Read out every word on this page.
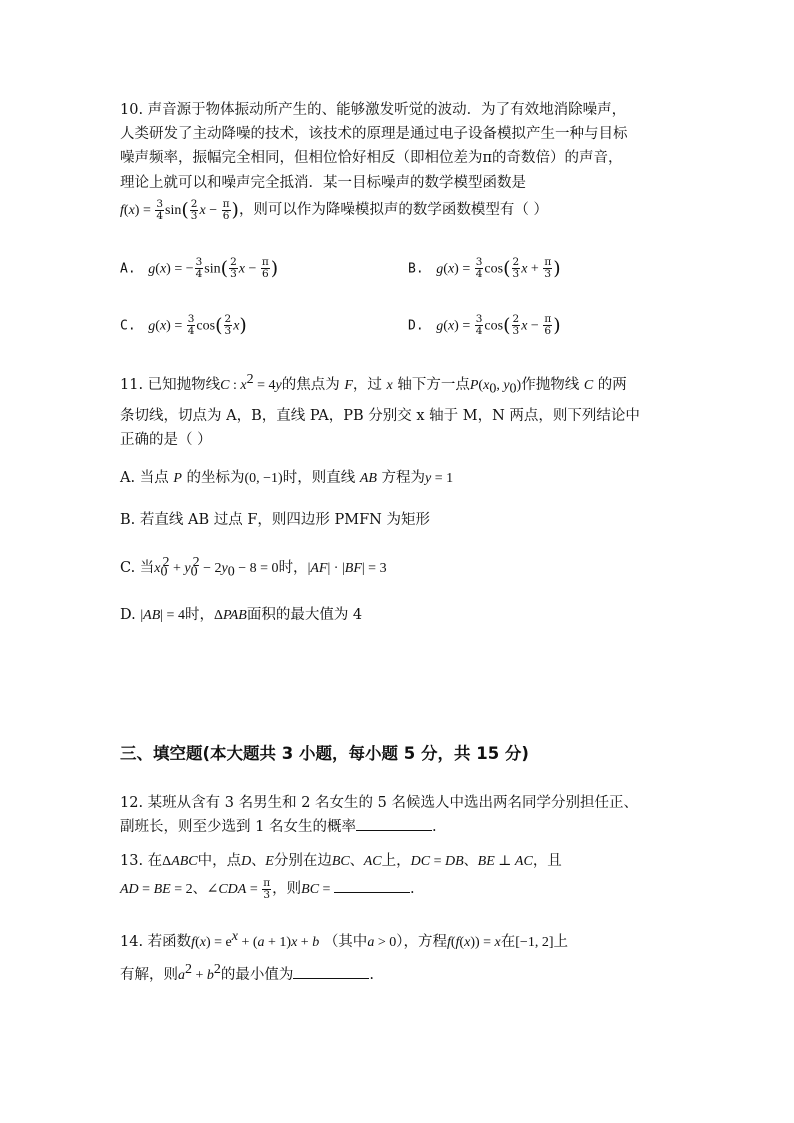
10. 声音源于物体振动所产生的、能够激发听觉的波动．为了有效地消除噪声，
人类研发了主动降噪的技术，该技术的原理是通过电子设备模拟产生一种与目标
噪声频率，振幅完全相同，但相位恰好相反（即相位差为π的奇数倍）的声音，
理论上就可以和噪声完全抵消．某一目标噪声的数学模型函数是
$f(x) = \frac{3}{4} \sin( \frac{2}{3}$ $x - \frac{\pi}{6}$ )，则可以作为降噪模拟声的数学函数模型有（ ）
A. g(x) = − $\frac{3}{4} \sin( \frac{2}{3}$ $x - \frac{\pi}{6}$ )	B. $g(x) = \frac{3}{4} \cos( \frac{2}{3}$ $x + \frac{\pi}{3}$ )
C. $g(x) = \frac{3}{4} \cos( \frac{2}{3} x)$	D. $g(x) = \frac{3}{4} \cos( \frac{2}{3}$ $x - \frac{\pi}{6}$ )
11. 已知抛物线C : $x^2 = 4y$的焦点为 F，过 x 轴下方一点$P(x_0$, $y_0$)作抛物线 C 的两
条切线，切点为 A，B，直线 PA，PB 分别交 x 轴于 M，N 两点，则下列结论中
正确的是（ ）
A. 当点 P 的坐标为(0, −1)时，则直线 AB 方程为y = 1
B. 若直线 AB 过点 F，则四边形 PMFN 为矩形
C. 当$x_0^2 + y_0^2 - 2y_0 - 8 = 0$时，|AF| · |BF| = 3
D. |AB| = 4时，ΔPAB面积的最大值为 4
三、填空题(本大题共 3 小题，每小题 5 分，共 15 分)
12. 某班从含有 3 名男生和 2 名女生的 5 名候选人中选出两名同学分别担任正、
副班长，则至少选到 1 名女生的概率	.
13. 在ΔABC中，点D、E分别在边BC、AC上，DC = DB、BE ⊥ AC，且
AD = BE = 2、∠CDA = $\frac{\pi}{3}$ ，则BC =	.
14. 若函数$f(x) = e^x + (a + 1)x + b$ （其中a > 0），方程f(f(x)) = x在[−1, 2]上
有解，则$a^2 + b^2$的最小值为	.
